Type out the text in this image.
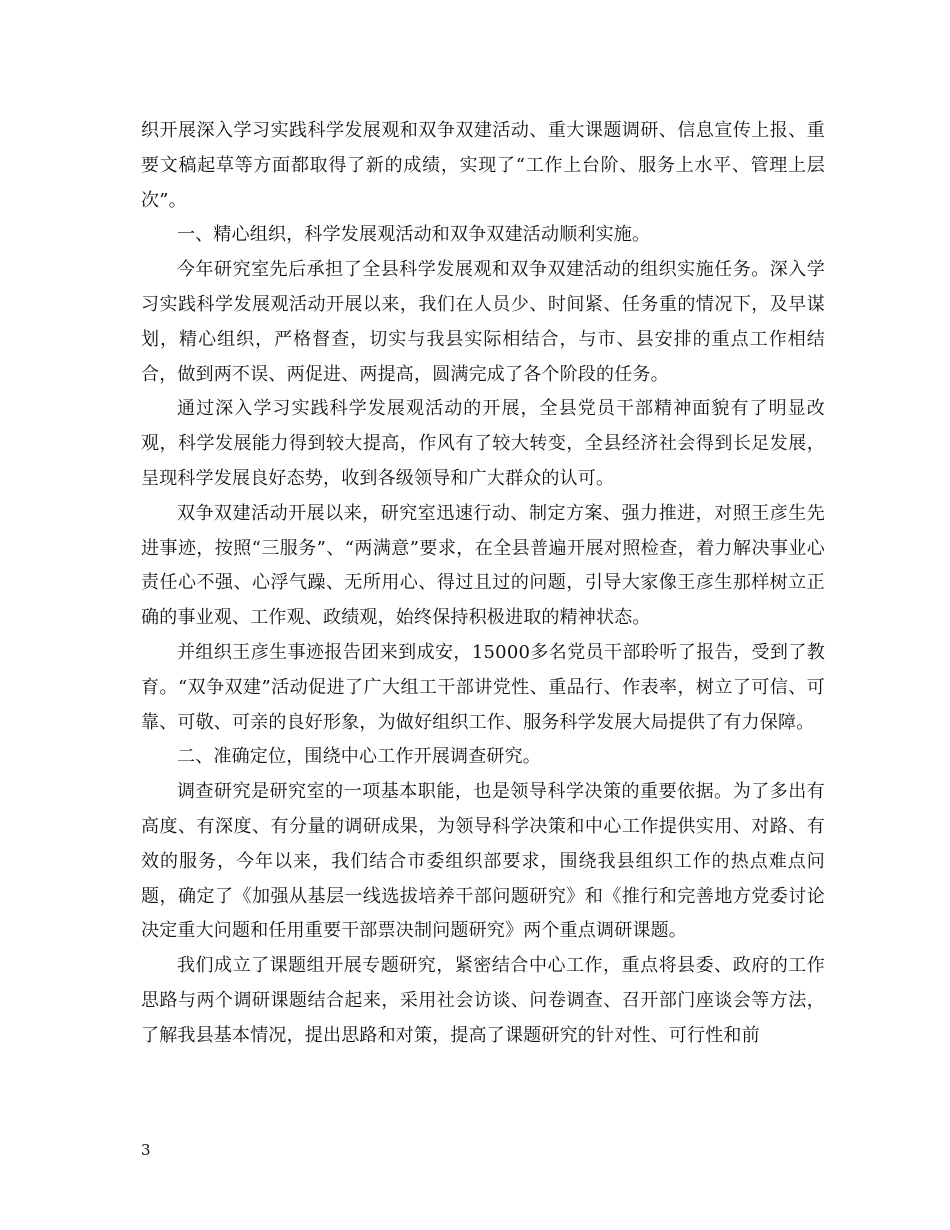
织开展深入学习实践科学发展观和双争双建活动、重大课题调研、信息宣传上报、重要文稿起草等方面都取得了新的成绩，实现了“工作上台阶、服务上水平、管理上层次”。

一、精心组织，科学发展观活动和双争双建活动顺利实施。

今年研究室先后承担了全县科学发展观和双争双建活动的组织实施任务。深入学习实践科学发展观活动开展以来，我们在人员少、时间紧、任务重的情况下，及早谋划，精心组织，严格督查，切实与我县实际相结合，与市、县安排的重点工作相结合，做到两不误、两促进、两提高，圆满完成了各个阶段的任务。

通过深入学习实践科学发展观活动的开展，全县党员干部精神面貌有了明显改观，科学发展能力得到较大提高，作风有了较大转变，全县经济社会得到长足发展，呈现科学发展良好态势，收到各级领导和广大群众的认可。

双争双建活动开展以来，研究室迅速行动、制定方案、强力推进，对照王彦生先进事迹，按照“三服务”、“两满意”要求，在全县普遍开展对照检查，着力解决事业心责任心不强、心浮气躁、无所用心、得过且过的问题，引导大家像王彦生那样树立正确的事业观、工作观、政绩观，始终保持积极进取的精神状态。

并组织王彦生事迹报告团来到成安，15000多名党员干部聆听了报告，受到了教育。“双争双建”活动促进了广大组工干部讲党性、重品行、作表率，树立了可信、可靠、可敬、可亲的良好形象，为做好组织工作、服务科学发展大局提供了有力保障。

二、准确定位，围绕中心工作开展调查研究。

调查研究是研究室的一项基本职能，也是领导科学决策的重要依据。为了多出有高度、有深度、有分量的调研成果，为领导科学决策和中心工作提供实用、对路、有效的服务，今年以来，我们结合市委组织部要求，围绕我县组织工作的热点难点问题，确定了《加强从基层一线选拔培养干部问题研究》和《推行和完善地方党委讨论决定重大问题和任用重要干部票决制问题研究》两个重点调研课题。

我们成立了课题组开展专题研究，紧密结合中心工作，重点将县委、政府的工作思路与两个调研课题结合起来，采用社会访谈、问卷调查、召开部门座谈会等方法，了解我县基本情况，提出思路和对策，提高了课题研究的针对性、可行性和前

3
